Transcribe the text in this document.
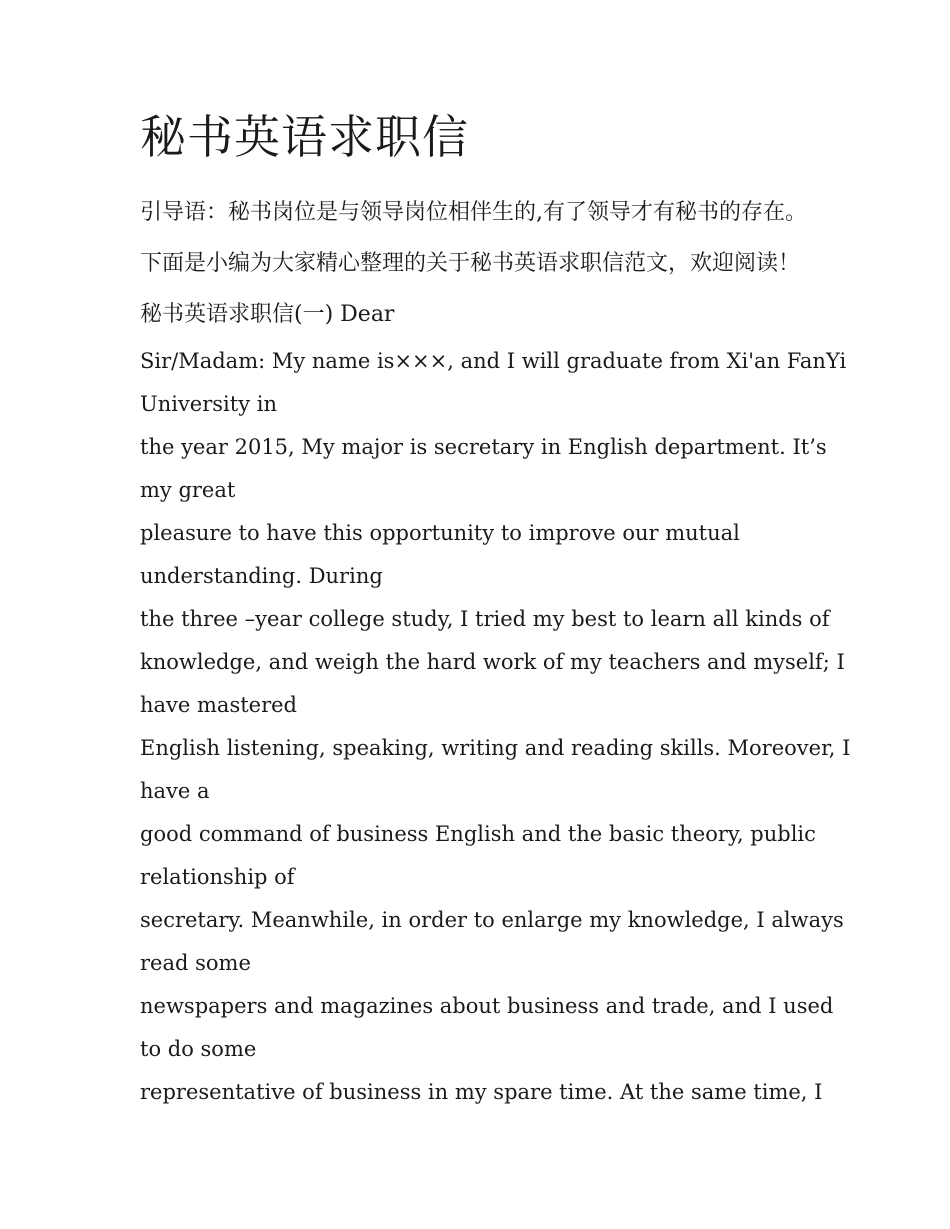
秘书英语求职信

引导语：秘书岗位是与领导岗位相伴生的,有了领导才有秘书的存在。下面是小编为大家精心整理的关于秘书英语求职信范文，欢迎阅读！ 秘书英语求职信(一) Dear

Sir/Madam: My name is×××, and I will graduate from Xi'an FanYi

University in

the year 2015, My major is secretary in English department. It’s

my great

pleasure to have this opportunity to improve our mutual

understanding. During

the three –year college study, I tried my best to learn all kinds of

knowledge, and weigh the hard work of my teachers and myself; I

have mastered

English listening, speaking, writing and reading skills. Moreover, I

have a

good command of business English and the basic theory, public

relationship of

secretary. Meanwhile, in order to enlarge my knowledge, I always

read some

newspapers and magazines about business and trade, and I used

to do some

representative of business in my spare time. At the same time, I
